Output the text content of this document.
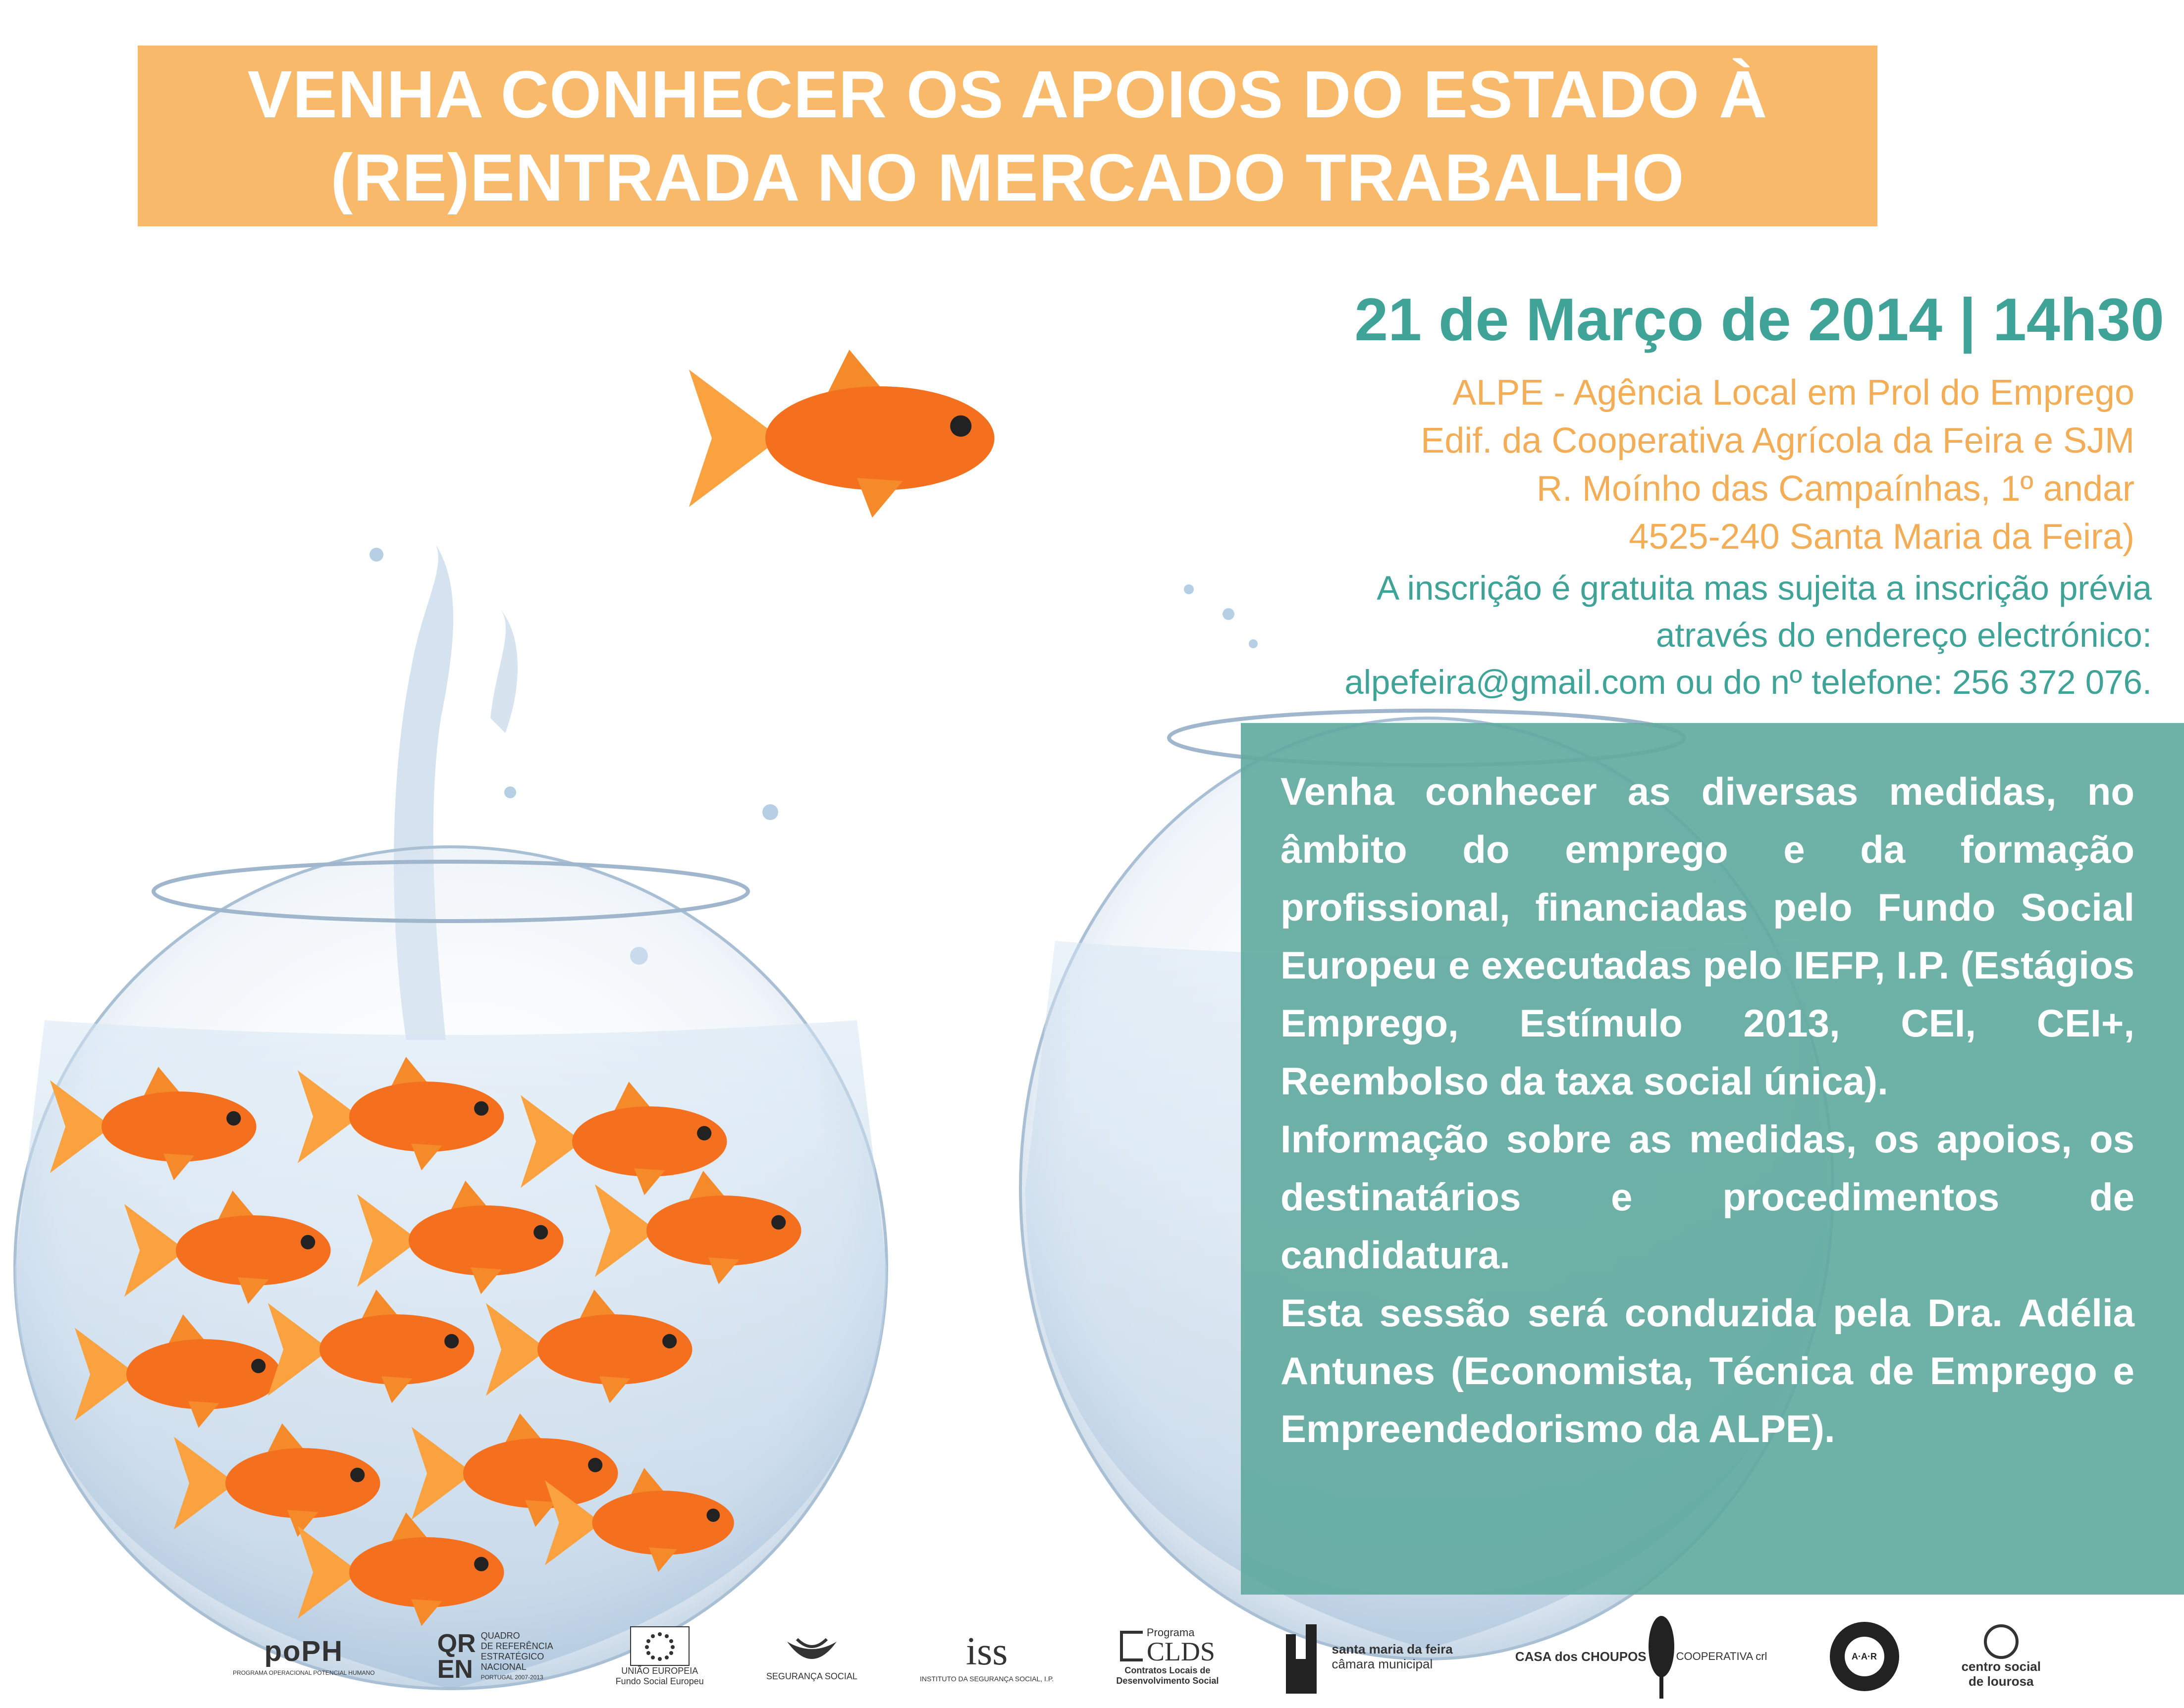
VENHA CONHECER OS APOIOS DO ESTADO À
(RE)ENTRADA NO MERCADO TRABALHO
21 de Março de 2014 | 14h30
ALPE - Agência Local em Prol do Emprego
Edif. da Cooperativa Agrícola da Feira e SJM
R. Moínho das Campaínhas, 1º andar
4525-240 Santa Maria da Feira)
A inscrição é gratuita mas sujeita a inscrição prévia
através do endereço electrónico:
alpefeira@gmail.com ou do nº telefone: 256 372 076.

Venha conhecer as diversas medidas, no âmbito do emprego e da formação profissional, financiadas pelo Fundo Social Europeu e executadas pelo IEFP, I.P. (Estágios Emprego, Estímulo 2013, CEI, CEI+, Reembolso da taxa social única).

Informação sobre as medidas, os apoios, os destinatários e procedimentos de candidatura.

Esta sessão será conduzida pela Dra. Adélia Antunes (Economista, Técnica de Emprego e Empreendedorismo da ALPE).

poPH
PROGRAMA OPERACIONAL POTENCIAL HUMANO
QR
EN
QUADRO
DE REFERÊNCIA
ESTRATÉGICO
NACIONAL
PORTUGAL 2007-2013
UNIÃO EUROPEIA
Fundo Social Europeu
SEGURANÇA SOCIAL
iss
INSTITUTO DA SEGURANÇA SOCIAL, I.P.
Programa
CLDS
Contratos Locais de
Desenvolvimento Social
santa maria da feira
câmara municipal	CASA dos CHOUPOS	COOPERATIVA crl	A·A·R
centro social
de lourosa
